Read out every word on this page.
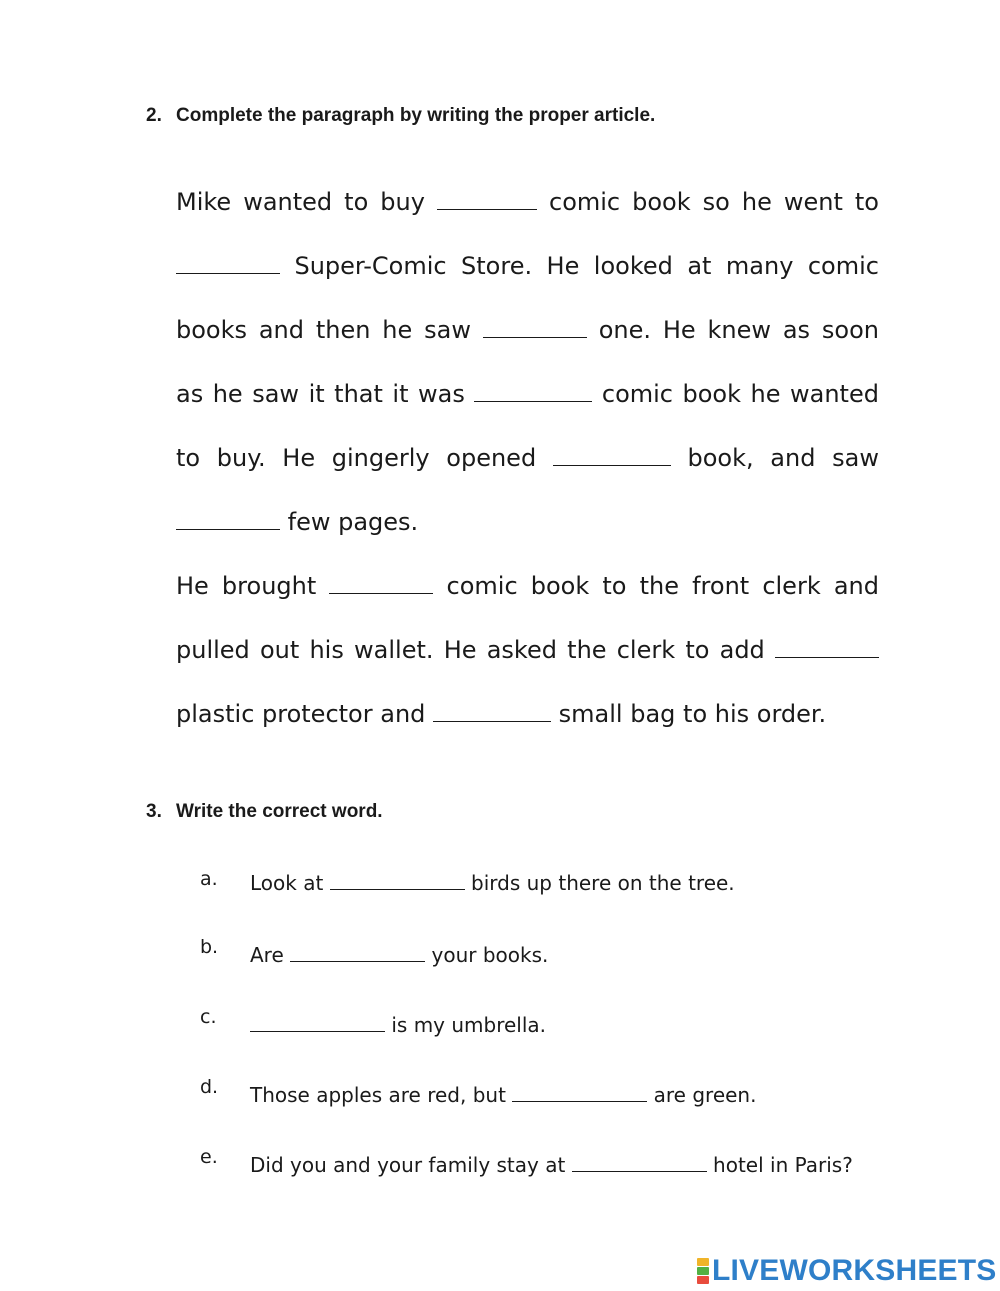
2. Complete the paragraph by writing the proper article.
Mike wanted to buy	comic book so he went to
Super-Comic Store. He looked at many comic
books and then he saw	one. He knew as soon
as he saw it that it was	comic book he wanted
to buy. He gingerly opened	book, and saw
few pages.
He brought	comic book to the front clerk and
pulled out his wallet. He asked the clerk to add
plastic protector and	small bag to his order.
3. Write the correct word.
a. Look at	birds up there on the tree.
b. Are	your books.
c.	is my umbrella.
d. Those apples are red, but	are green.
e. Did you and your family stay at	hotel in Paris?
LIVEWORKSHEETS
